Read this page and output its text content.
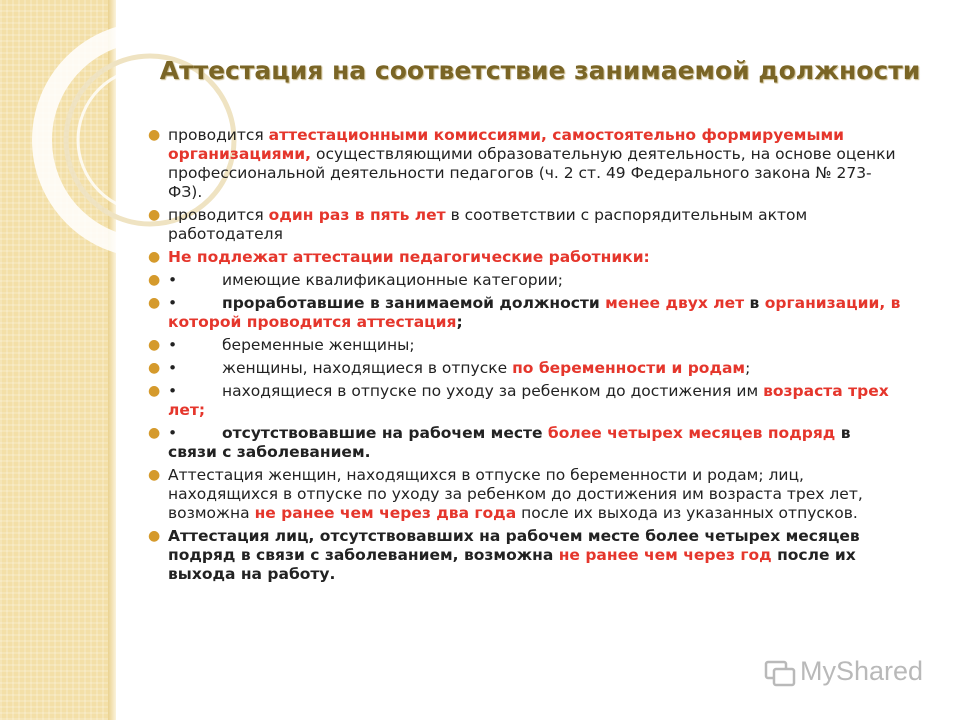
Аттестация на соответствие занимаемой должности
● проводится аттестационными комиссиями, самостоятельно формируемыми организациями, осуществляющими образовательную деятельность, на основе оценки профессиональной деятельности педагогов (ч. 2 ст. 49 Федерального закона № 273-ФЗ).
● проводится один раз в пять лет в соответствии с распорядительным актом работодателя
● Не подлежат аттестации педагогические работники:
● •	имеющие квалификационные категории;
● •	проработавшие в занимаемой должности менее двух лет в организации, в которой проводится аттестация;
● •	беременные женщины;
● •	женщины, находящиеся в отпуске по беременности и родам;
● •	находящиеся в отпуске по уходу за ребенком до достижения им возраста трех лет;
● •	отсутствовавшие на рабочем месте более четырех месяцев подряд в связи с заболеванием.
● Аттестация женщин, находящихся в отпуске по беременности и родам; лиц, находящихся в отпуске по уходу за ребенком до достижения им возраста трех лет, возможна не ранее чем через два года после их выхода из указанных отпусков.
● Аттестация лиц, отсутствовавших на рабочем месте более четырех месяцев подряд в связи с заболеванием, возможна не ранее чем через год после их выхода на работу.
MyShared
